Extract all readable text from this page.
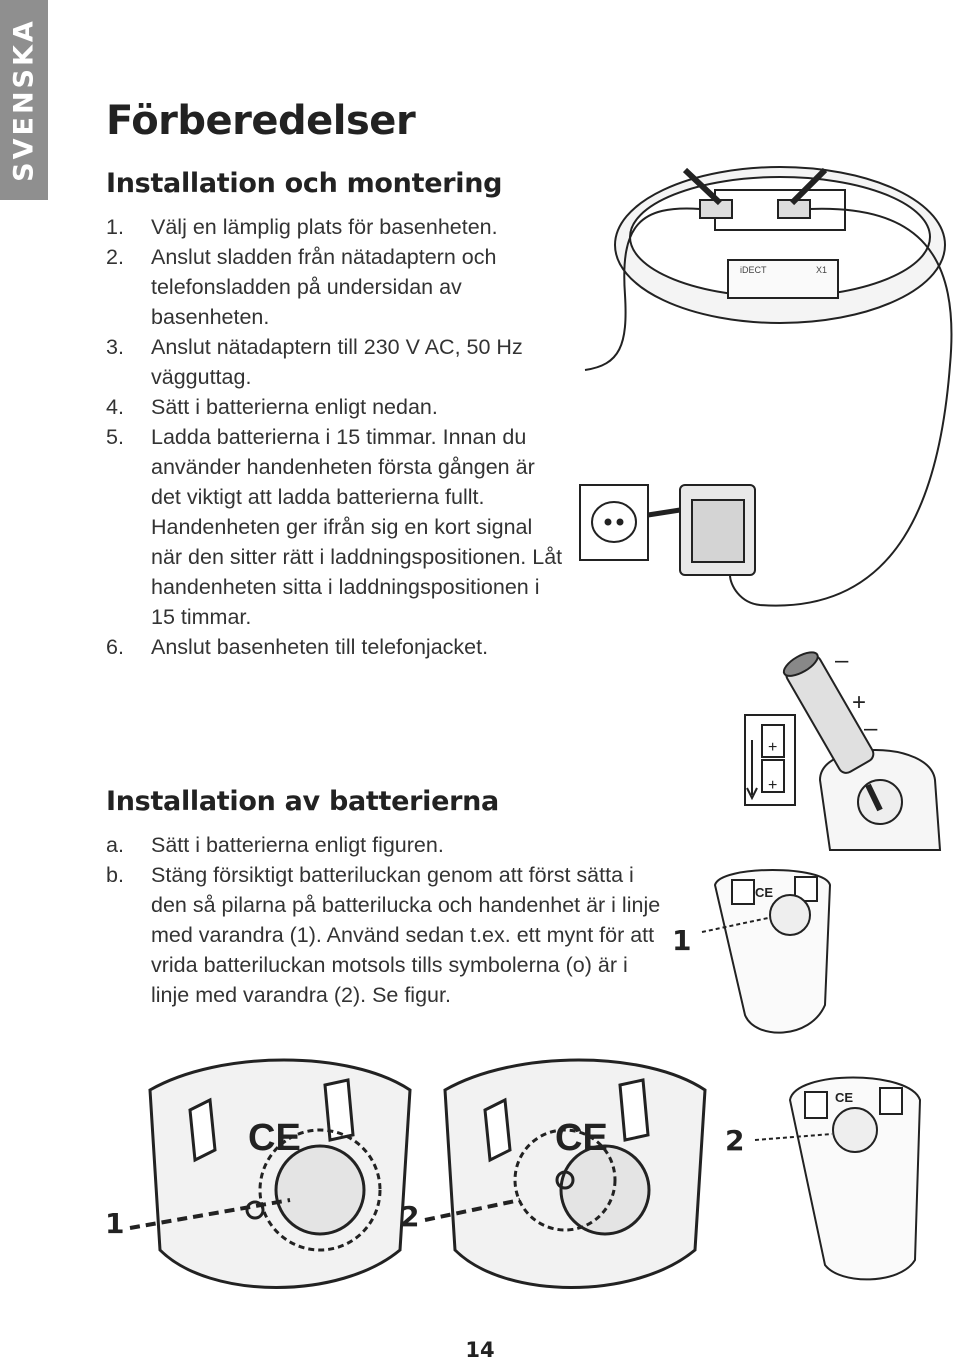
SVENSKA Förberedelser
Installation och montering
1. Välj en lämplig plats för basenheten.
2. Anslut sladden från nätadaptern och telefonsladden på undersidan av basenheten.
3. Anslut nätadaptern till 230 V AC, 50 Hz vägguttag.
4. Sätt i batterierna enligt nedan.
5. Ladda batterierna i 15 timmar. Innan du använder handenheten första gången är det viktigt att ladda batterierna fullt. Handenheten ger ifrån sig en kort signal när den sitter rätt i laddningspositionen. Låt handenheten sitta i laddningspositionen i 15 timmar.
6. Anslut basenheten till telefonjacket.
Installation av batterierna
a. Sätt i batterierna enligt figuren.
b. Stäng försiktigt batteriluckan genom att först sätta i den så pilarna på batterilucka och handenhet är i linje med varandra (1). Använd sedan t.ex. ett mynt för att vrida batteriluckan motsols tills symbolerna (o) är i linje med varandra (2). Se figur.
iDECT	X1
+
+
–
+
–
CE
1
CE
2
CE
1
CE
2
14
